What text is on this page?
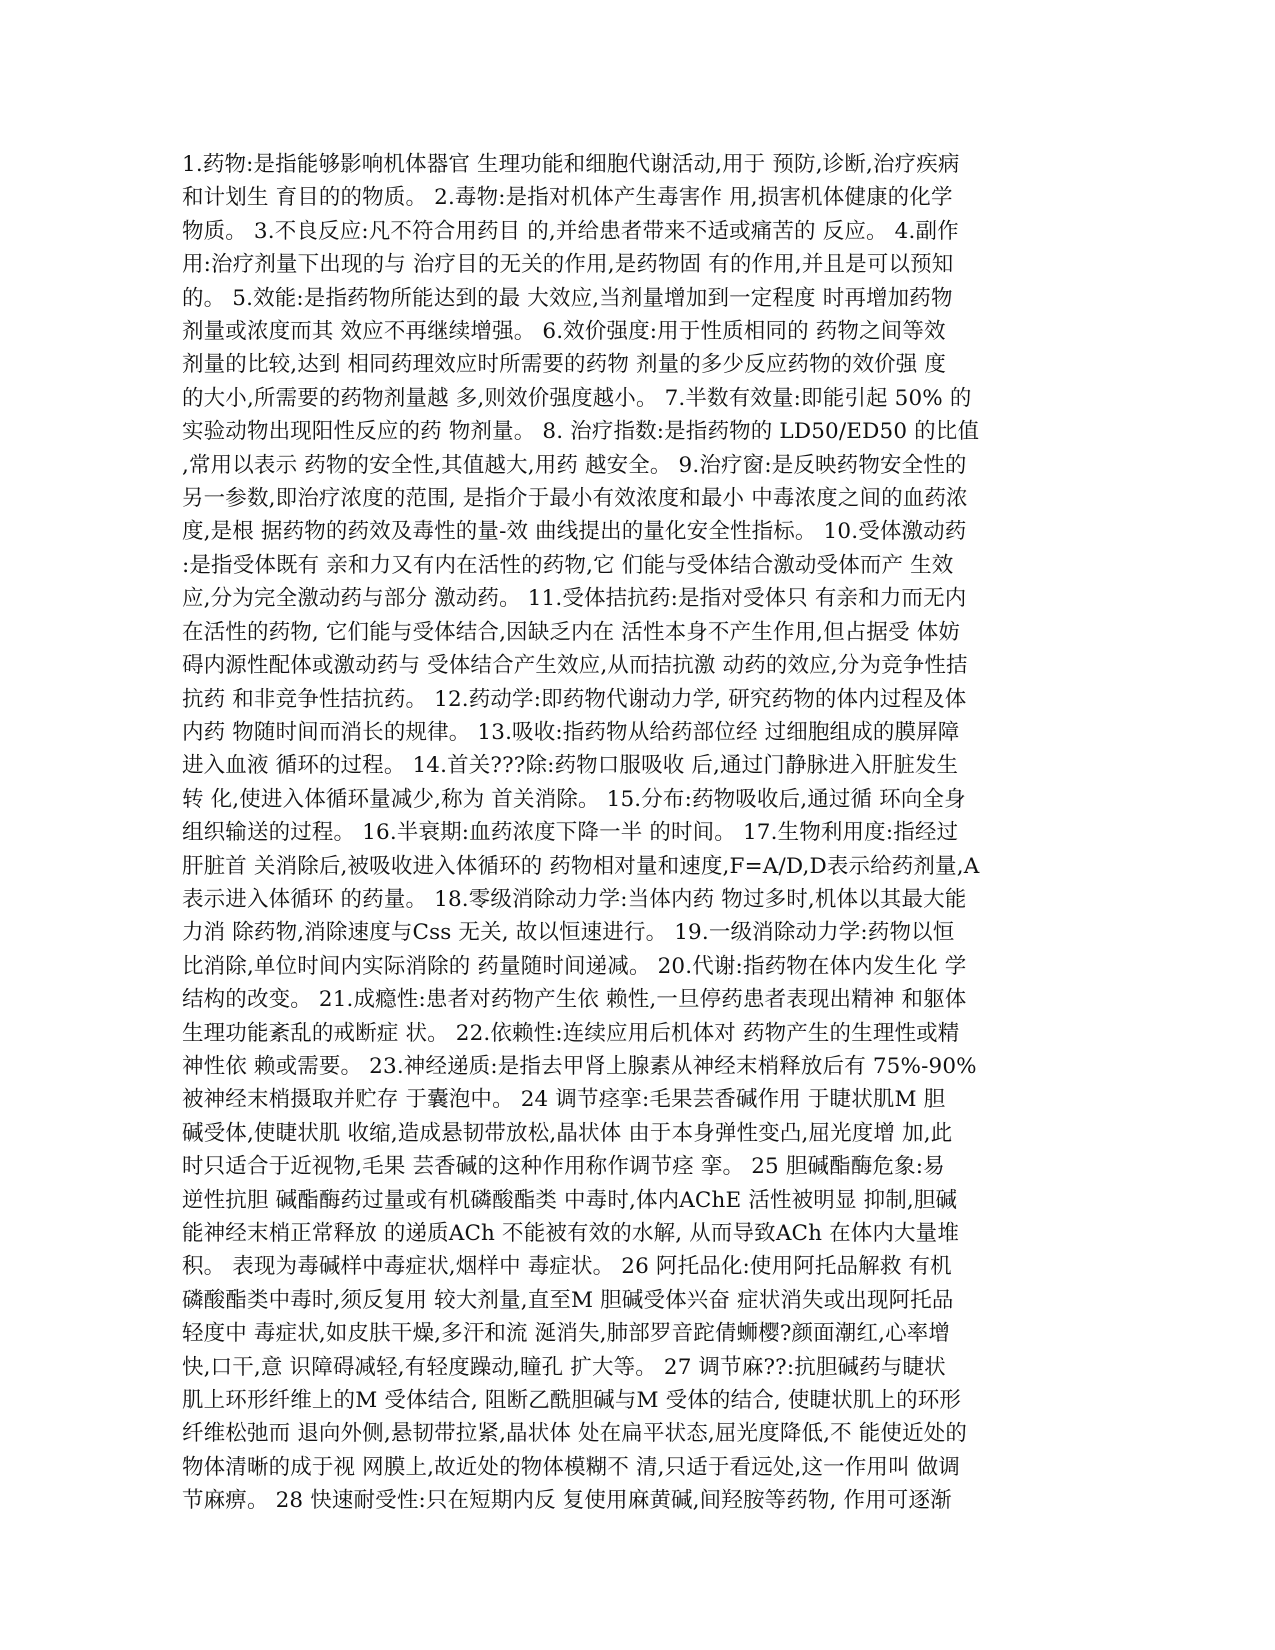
1.药物:是指能够影响机体器官 生理功能和细胞代谢活动,用于 预防,诊断,治疗疾病
和计划生 育目的的物质。 2.毒物:是指对机体产生毒害作 用,损害机体健康的化学
物质。 3.不良反应:凡不符合用药目 的,并给患者带来不适或痛苦的 反应。 4.副作
用:治疗剂量下出现的与 治疗目的无关的作用,是药物固 有的作用,并且是可以预知
的。 5.效能:是指药物所能达到的最 大效应,当剂量增加到一定程度 时再增加药物
剂量或浓度而其 效应不再继续增强。 6.效价强度:用于性质相同的 药物之间等效
剂量的比较,达到 相同药理效应时所需要的药物 剂量的多少反应药物的效价强 度
的大小,所需要的药物剂量越 多,则效价强度越小。 7.半数有效量:即能引起 50% 的
实验动物出现阳性反应的药 物剂量。 8. 治疗指数:是指药物的 LD50/ED50 的比值
,常用以表示 药物的安全性,其值越大,用药 越安全。 9.治疗窗:是反映药物安全性的
另一参数,即治疗浓度的范围, 是指介于最小有效浓度和最小 中毒浓度之间的血药浓
度,是根 据药物的药效及毒性的量-效 曲线提出的量化安全性指标。 10.受体激动药
:是指受体既有 亲和力又有内在活性的药物,它 们能与受体结合激动受体而产 生效
应,分为完全激动药与部分 激动药。 11.受体拮抗药:是指对受体只 有亲和力而无内
在活性的药物, 它们能与受体结合,因缺乏内在 活性本身不产生作用,但占据受 体妨
碍内源性配体或激动药与 受体结合产生效应,从而拮抗激 动药的效应,分为竞争性拮
抗药 和非竞争性拮抗药。 12.药动学:即药物代谢动力学, 研究药物的体内过程及体
内药 物随时间而消长的规律。 13.吸收:指药物从给药部位经 过细胞组成的膜屏障
进入血液 循环的过程。 14.首关???除:药物口服吸收 后,通过门静脉进入肝脏发生
转 化,使进入体循环量减少,称为 首关消除。 15.分布:药物吸收后,通过循 环向全身
组织输送的过程。 16.半衰期:血药浓度下降一半 的时间。 17.生物利用度:指经过
肝脏首 关消除后,被吸收进入体循环的 药物相对量和速度,F=A/D,D表示给药剂量,A
表示进入体循环 的药量。 18.零级消除动力学:当体内药 物过多时,机体以其最大能
力消 除药物,消除速度与Css 无关, 故以恒速进行。 19.一级消除动力学:药物以恒
比消除,单位时间内实际消除的 药量随时间递减。 20.代谢:指药物在体内发生化 学
结构的改变。 21.成瘾性:患者对药物产生依 赖性,一旦停药患者表现出精神 和躯体
生理功能紊乱的戒断症 状。 22.依赖性:连续应用后机体对 药物产生的生理性或精
神性依 赖或需要。 23.神经递质:是指去甲肾上腺素从神经末梢释放后有 75%-90%
被神经末梢摄取并贮存 于囊泡中。 24 调节痉挛:毛果芸香碱作用 于睫状肌M 胆
碱受体,使睫状肌 收缩,造成悬韧带放松,晶状体 由于本身弹性变凸,屈光度增 加,此
时只适合于近视物,毛果 芸香碱的这种作用称作调节痉 挛。 25 胆碱酯酶危象:易
逆性抗胆 碱酯酶药过量或有机磷酸酯类 中毒时,体内AChE 活性被明显 抑制,胆碱
能神经末梢正常释放 的递质ACh 不能被有效的水解, 从而导致ACh 在体内大量堆
积。 表现为毒碱样中毒症状,烟样中 毒症状。 26 阿托品化:使用阿托品解救 有机
磷酸酯类中毒时,须反复用 较大剂量,直至M 胆碱受体兴奋 症状消失或出现阿托品
轻度中 毒症状,如皮肤干燥,多汗和流 涎消失,肺部罗音跎倩蛳樱?颜面潮红,心率增
快,口干,意 识障碍减轻,有轻度躁动,瞳孔 扩大等。 27 调节麻??:抗胆碱药与睫状
肌上环形纤维上的M 受体结合, 阻断乙酰胆碱与M 受体的结合, 使睫状肌上的环形
纤维松弛而 退向外侧,悬韧带拉紧,晶状体 处在扁平状态,屈光度降低,不 能使近处的
物体清晰的成于视 网膜上,故近处的物体模糊不 清,只适于看远处,这一作用叫 做调
节麻痹。 28 快速耐受性:只在短期内反 复使用麻黄碱,间羟胺等药物, 作用可逐渐
